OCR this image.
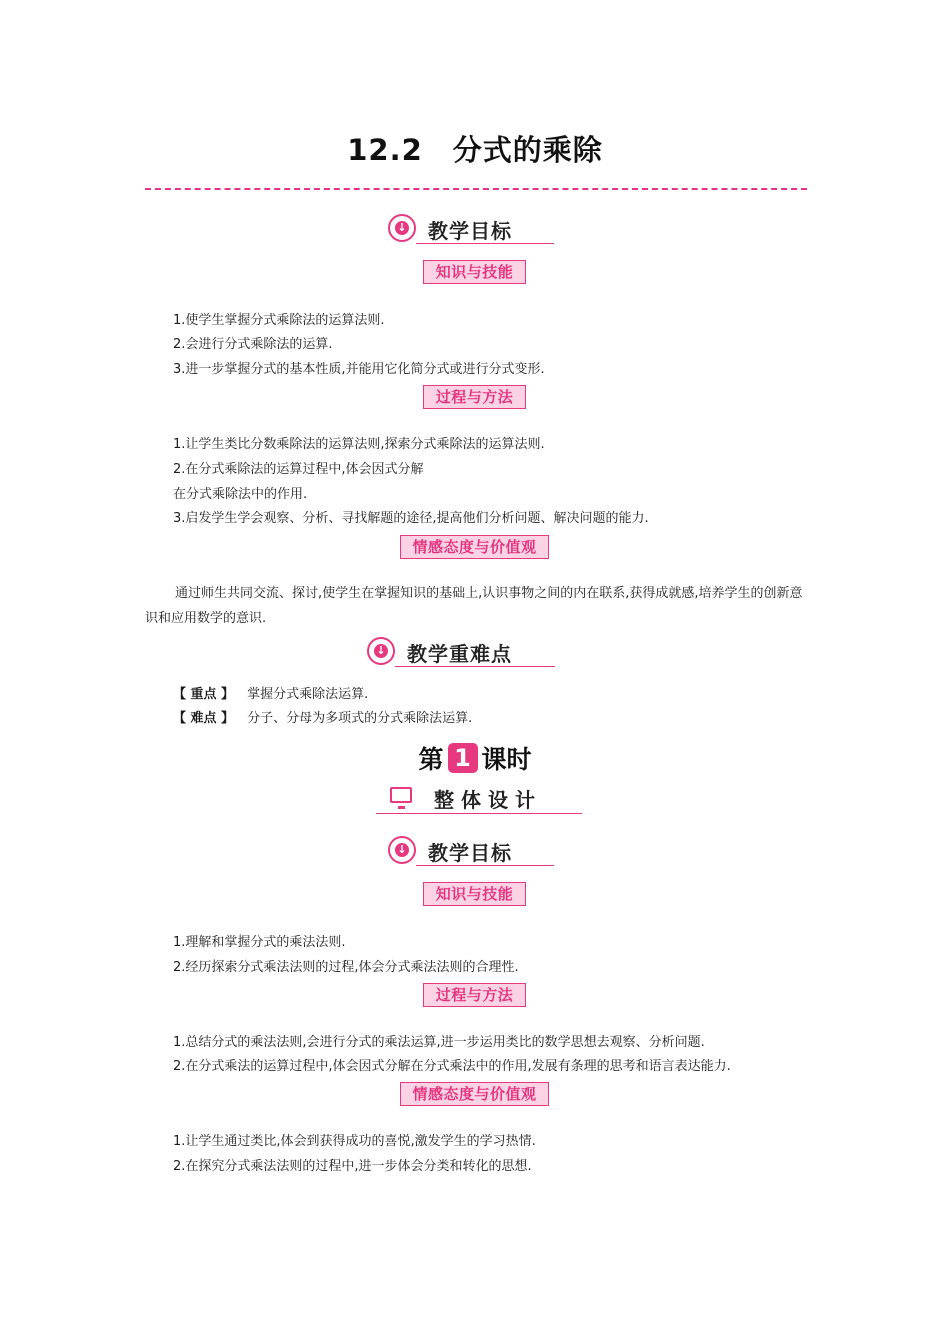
12.2　分式的乘除
↓ 教学目标
知识与技能
1.使学生掌握分式乘除法的运算法则.
2.会进行分式乘除法的运算.
3.进一步掌握分式的基本性质,并能用它化简分式或进行分式变形.
过程与方法
1.让学生类比分数乘除法的运算法则,探索分式乘除法的运算法则.
2.在分式乘除法的运算过程中,体会因式分解
在分式乘除法中的作用.
3.启发学生学会观察、分析、寻找解题的途径,提高他们分析问题、解决问题的能力.
情感态度与价值观
通过师生共同交流、探讨,使学生在掌握知识的基础上,认识事物之间的内在联系,获得成就感,培养学生的创新意识和应用数学的意识.
↓ 教学重难点
【 重点 】 掌握分式乘除法运算.
【 难点 】 分子、分母为多项式的分式乘除法运算.
第 1 课时
整体设计
↓ 教学目标
知识与技能
1.理解和掌握分式的乘法法则.
2.经历探索分式乘法法则的过程,体会分式乘法法则的合理性.
过程与方法
1.总结分式的乘法法则,会进行分式的乘法运算,进一步运用类比的数学思想去观察、分析问题.
2.在分式乘法的运算过程中,体会因式分解在分式乘法中的作用,发展有条理的思考和语言表达能力.
情感态度与价值观
1.让学生通过类比,体会到获得成功的喜悦,激发学生的学习热情.
2.在探究分式乘法法则的过程中,进一步体会分类和转化的思想.
